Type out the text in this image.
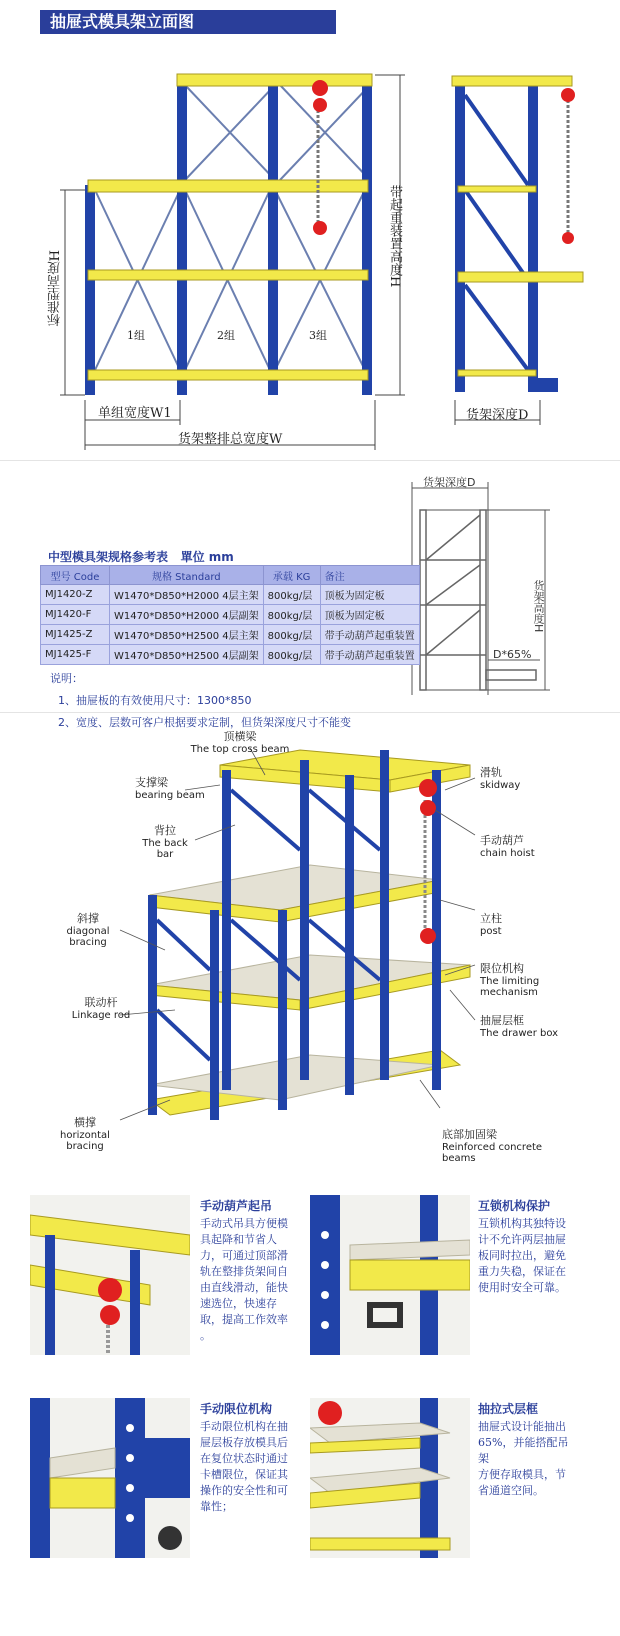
抽屉式模具架立面图
标准型高度H
带起重装置高度H
1组	2组	3组
单组宽度W1
货架整排总宽度W
货架深度D
货架深度D
货架高度H
D*65%
中型模具架规格参考表 單位 mm
型号 Code	规格 Standard	承载 KG	备注
MJ1420-Z	W1470*D850*H2000 4层主架	800kg/层	顶板为固定板
MJ1420-F	W1470*D850*H2000 4层副架	800kg/层	顶板为固定板
MJ1425-Z	W1470*D850*H2500 4层主架	800kg/层	带手动葫芦起重装置
MJ1425-F	W1470*D850*H2500 4层副架	800kg/层	带手动葫芦起重装置
说明：
1、抽屉板的有效使用尺寸：1300*850
2、宽度、层数可客户根据要求定制，但货架深度尺寸不能变
顶横梁
The top cross beam
支撑梁
bearing beam
背拉
The back bar
斜撑
diagonal bracing
联动杆
Linkage rod
横撑
horizontal bracing
滑轨
skidway
手动葫芦
chain hoist
立柱
post
限位机构
The limiting
mechanism
抽屉层框
The drawer box
底部加固梁
Reinforced concrete
beams
手动葫芦起吊
手动式吊具方便模
具起降和节省人
力，可通过顶部滑
轨在整排货架间自
由直线滑动，能快
速选位，快速存
取，提高工作效率
。
互锁机构保护
互锁机构其独特设
计不允许两层抽屉
板同时拉出，避免
重力失稳，保证在
使用时安全可靠。
手动限位机构
手动限位机构在抽
屉层板存放模具后
在复位状态时通过
卡槽限位，保证其
操作的安全性和可
靠性；
抽拉式层框
抽屉式设计能抽出
65%，并能搭配吊架
方便存取模具，节
省通道空间。
